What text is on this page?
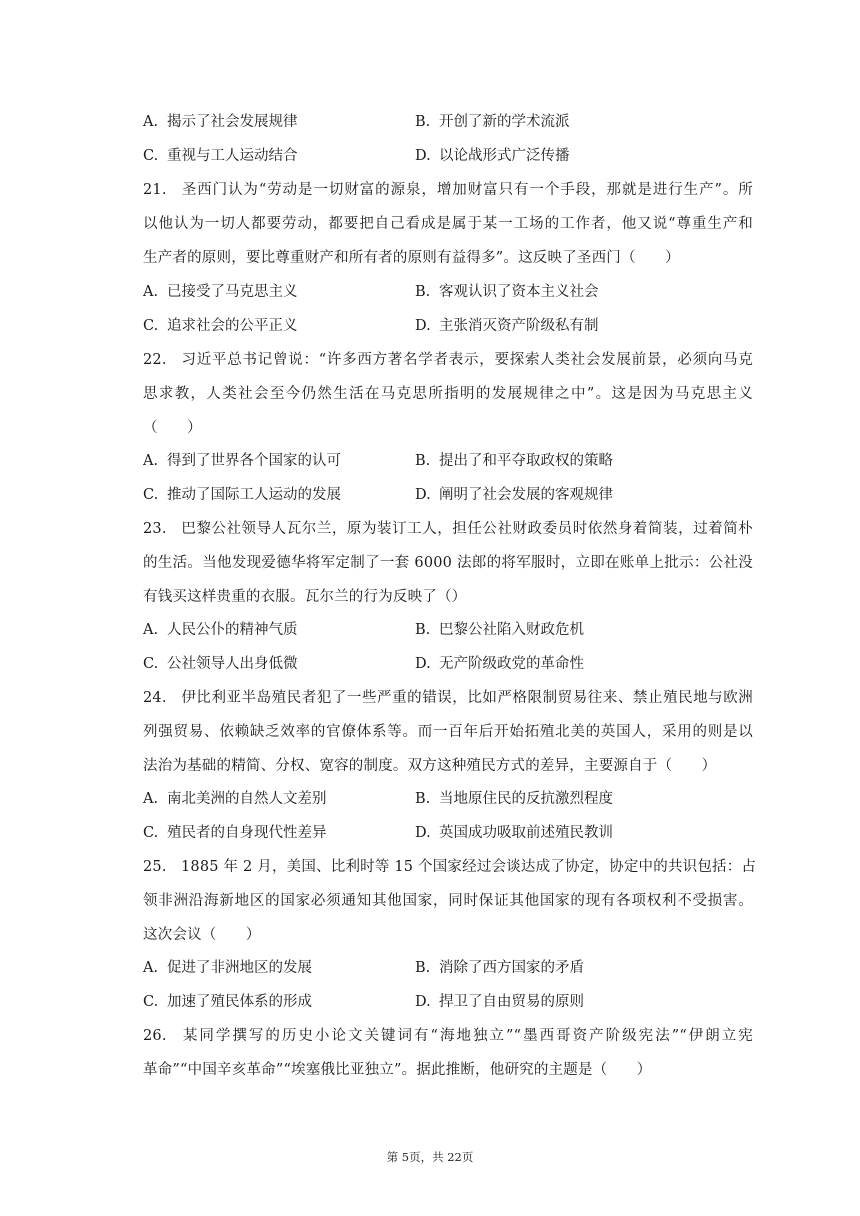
A. 揭示了社会发展规律	B. 开创了新的学术流派
C. 重视与工人运动结合	D. 以论战形式广泛传播
21. 圣西门认为“劳动是一切财富的源泉，增加财富只有一个手段，那就是进行生产”。所
以他认为一切人都要劳动，都要把自己看成是属于某一工场的工作者，他又说“尊重生产和
生产者的原则，要比尊重财产和所有者的原则有益得多”。这反映了圣西门（　　）
A. 已接受了马克思主义	B. 客观认识了资本主义社会
C. 追求社会的公平正义	D. 主张消灭资产阶级私有制
22. 习近平总书记曾说：“许多西方著名学者表示，要探索人类社会发展前景，必须向马克
思求教，人类社会至今仍然生活在马克思所指明的发展规律之中”。这是因为马克思主义
（　　）
A. 得到了世界各个国家的认可	B. 提出了和平夺取政权的策略
C. 推动了国际工人运动的发展	D. 阐明了社会发展的客观规律
23. 巴黎公社领导人瓦尔兰，原为装订工人，担任公社财政委员时依然身着简装，过着简朴
的生活。当他发现爱德华将军定制了一套 6000 法郎的将军服时，立即在账单上批示：公社没
有钱买这样贵重的衣服。瓦尔兰的行为反映了（）
A. 人民公仆的精神气质	B. 巴黎公社陷入财政危机
C. 公社领导人出身低微	D. 无产阶级政党的革命性
24. 伊比利亚半岛殖民者犯了一些严重的错误，比如严格限制贸易往来、禁止殖民地与欧洲
列强贸易、依赖缺乏效率的官僚体系等。而一百年后开始拓殖北美的英国人，采用的则是以
法治为基础的精简、分权、宽容的制度。双方这种殖民方式的差异，主要源自于（　　）
A. 南北美洲的自然人文差别	B. 当地原住民的反抗激烈程度
C. 殖民者的自身现代性差异	D. 英国成功吸取前述殖民教训
25. 1885 年 2 月，美国、比利时等 15 个国家经过会谈达成了协定，协定中的共识包括：占
领非洲沿海新地区的国家必须通知其他国家，同时保证其他国家的现有各项权利不受损害。
这次会议（　　）
A. 促进了非洲地区的发展	B. 消除了西方国家的矛盾
C. 加速了殖民体系的形成	D. 捍卫了自由贸易的原则
26. 某同学撰写的历史小论文关键词有“海地独立”“墨西哥资产阶级宪法”“伊朗立宪
革命”“中国辛亥革命”“埃塞俄比亚独立”。据此推断，他研究的主题是（　　）
第 5页，共 22页
